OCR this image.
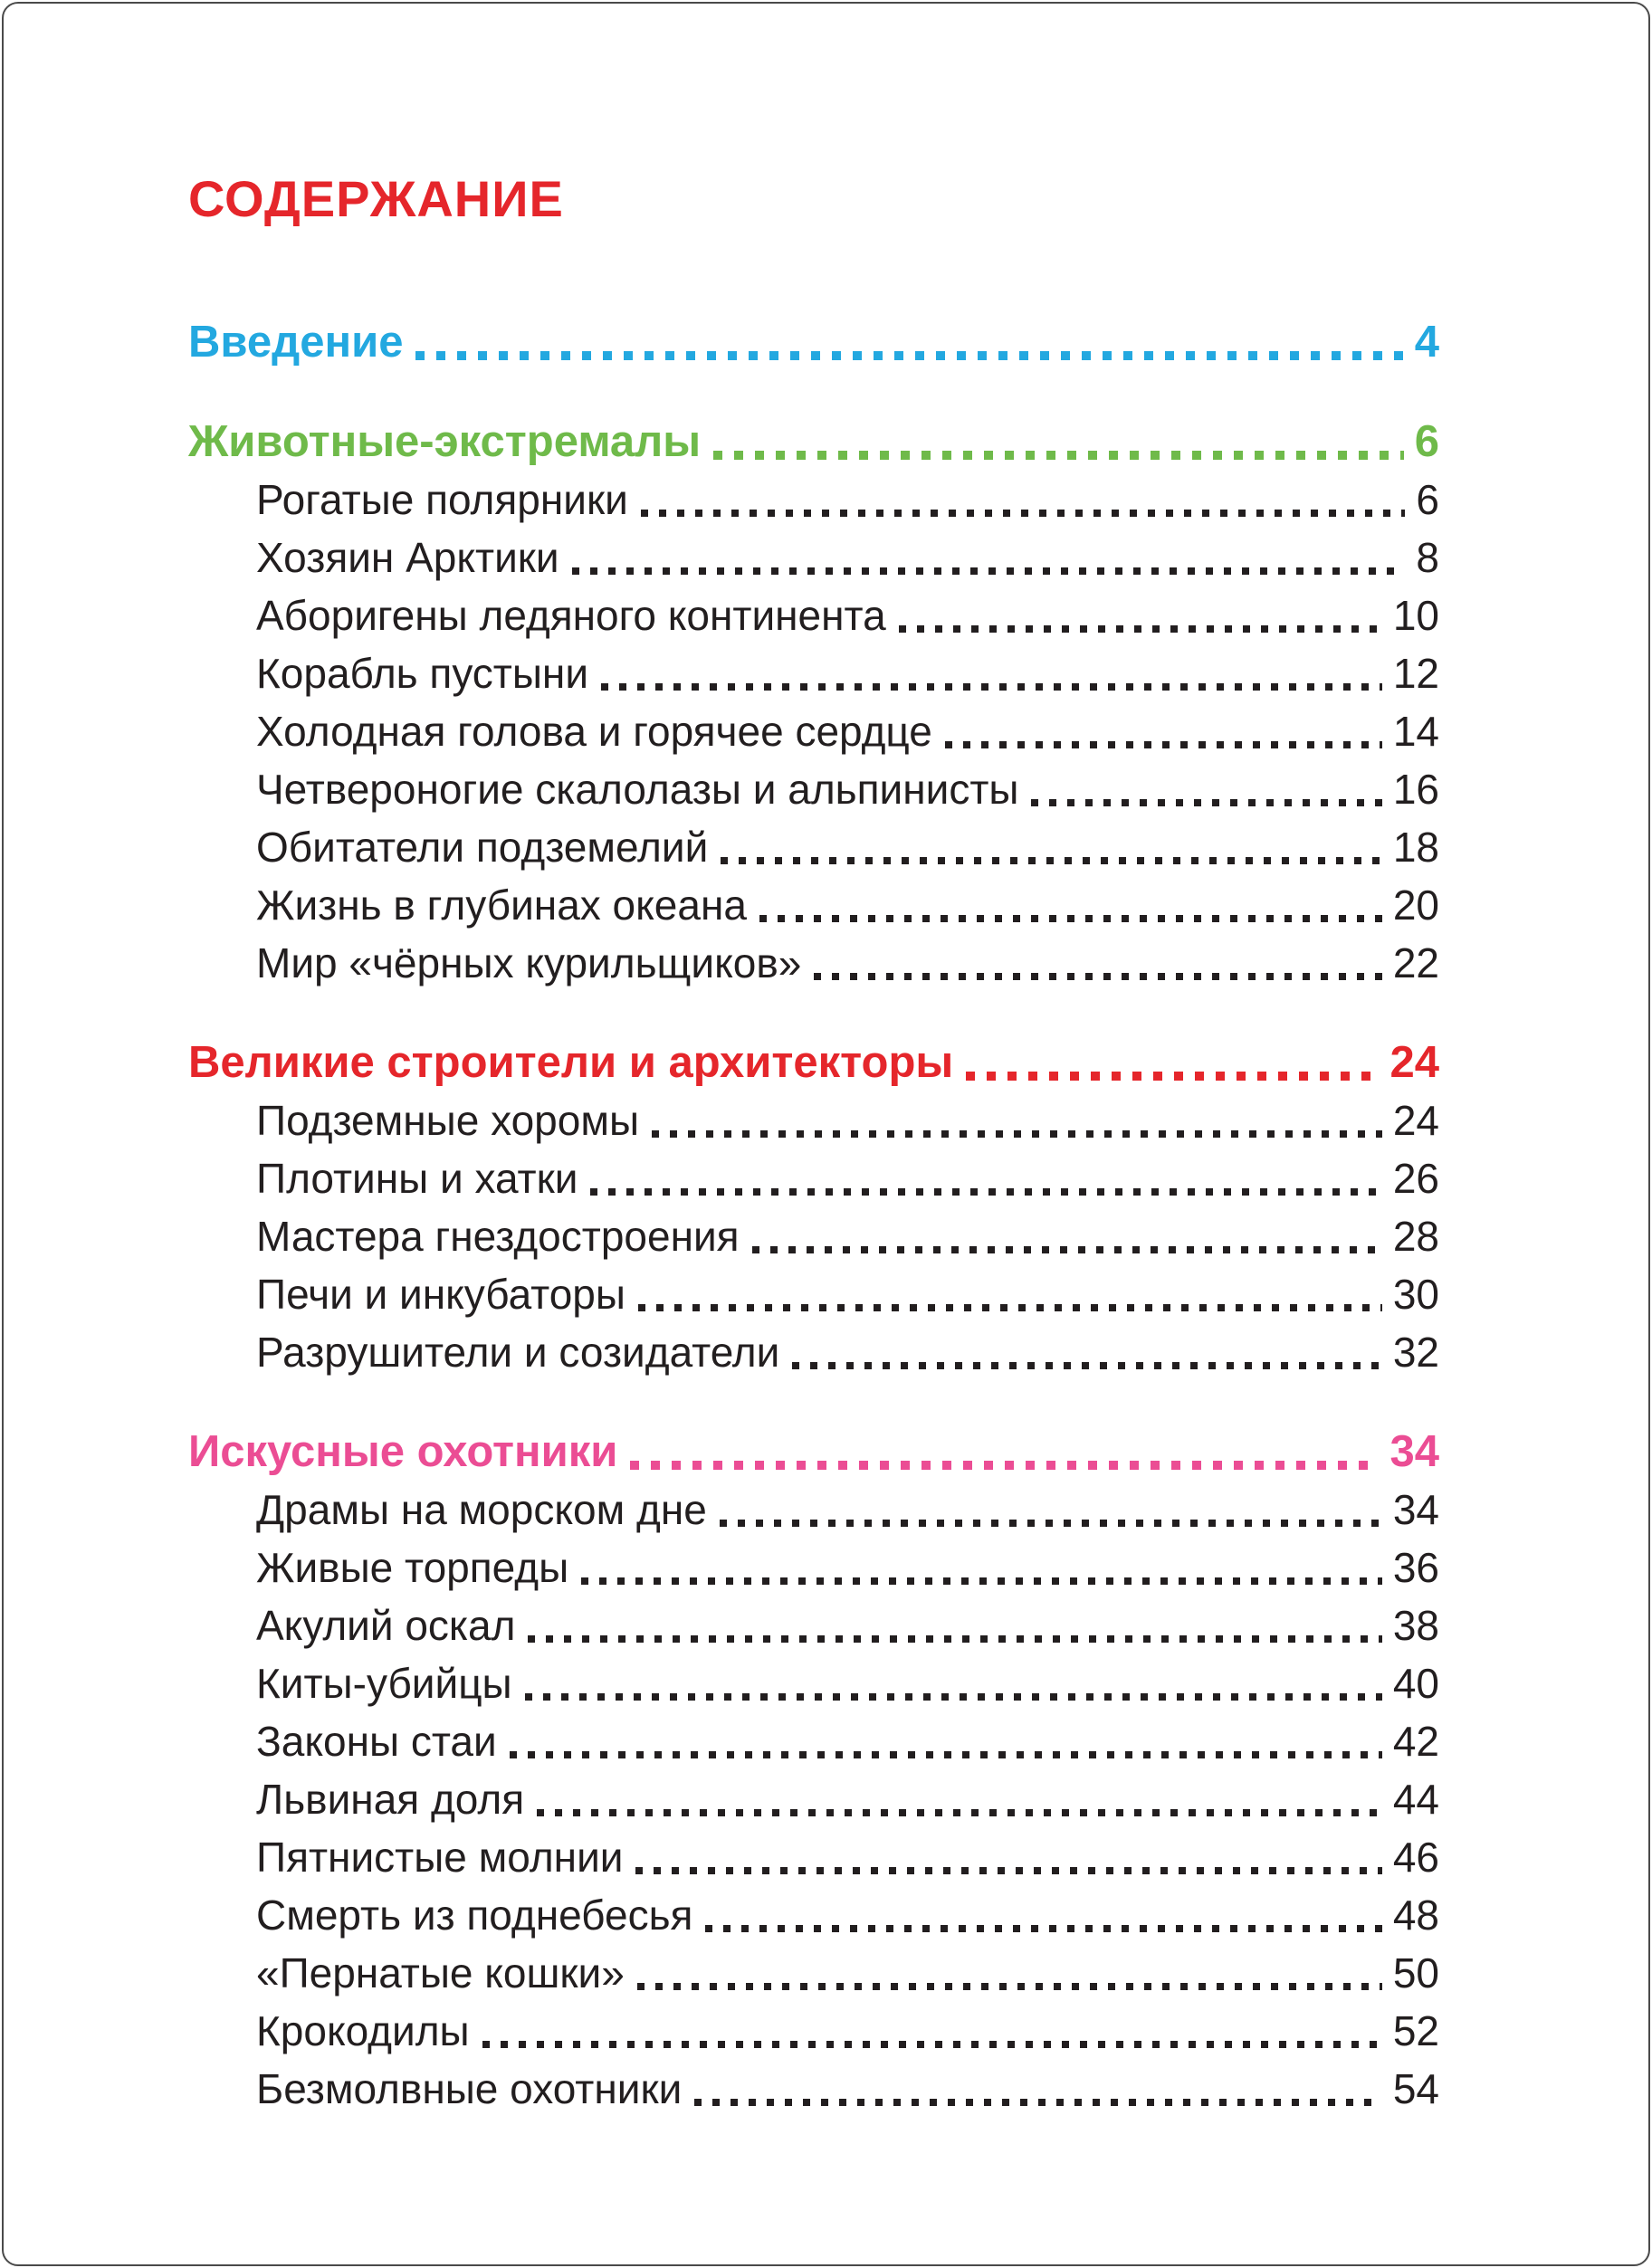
СОДЕРЖАНИЕ
Введение	4
Животные-экстремалы	6
Рогатые полярники	6
Хозяин Арктики	8
Аборигены ледяного континента	10
Корабль пустыни	12
Холодная голова и горячее сердце	14
Четвероногие скалолазы и альпинисты	16
Обитатели подземелий	18
Жизнь в глубинах океана	20
Мир «чёрных курильщиков»	22
Великие строители и архитекторы	24
Подземные хоромы	24
Плотины и хатки	26
Мастера гнездостроения	28
Печи и инкубаторы	30
Разрушители и созидатели	32
Искусные охотники	34
Драмы на морском дне	34
Живые торпеды	36
Акулий оскал	38
Киты-убийцы	40
Законы стаи	42
Львиная доля	44
Пятнистые молнии	46
Смерть из поднебесья	48
«Пернатые кошки»	50
Крокодилы	52
Безмолвные охотники	54
